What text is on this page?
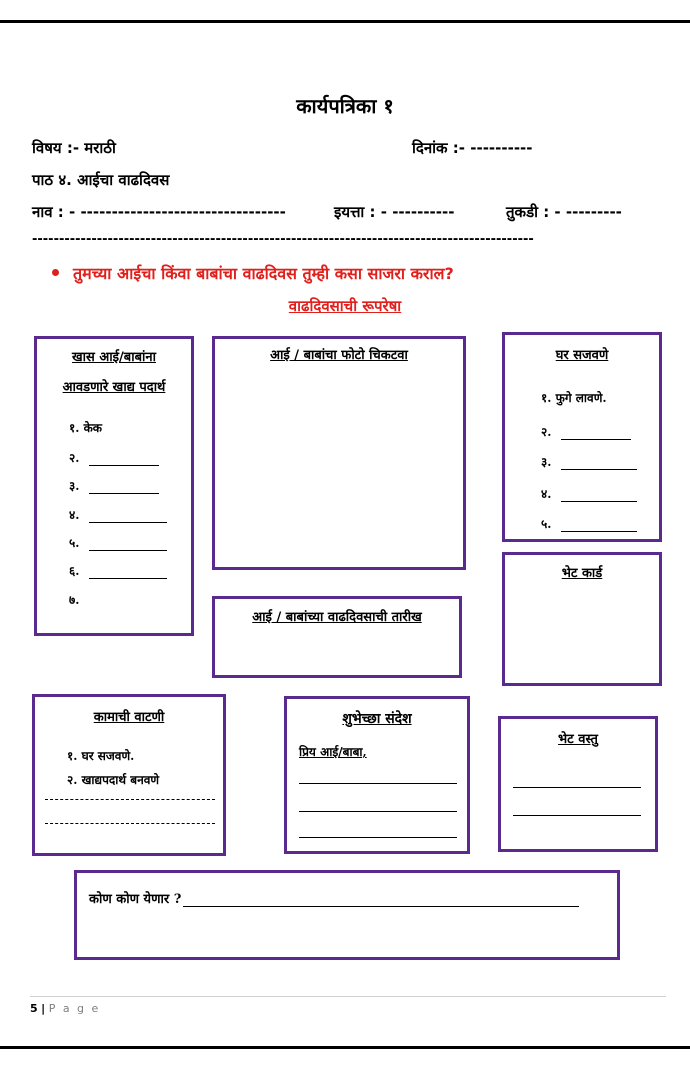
कार्यपत्रिका १
विषय :- मराठी	दिनांक :- ----------
पाठ ४. आईचा वाढदिवस
नाव : - ---------------------------------	इयत्ता : - ----------	तुकडी : - ---------
---------------------------------------------------------------------------------------------
तुमच्या आईचा किंवा बाबांचा वाढदिवस तुम्ही कसा साजरा कराल?
वाढदिवसाची रूपरेषा
खास आई/बाबांना
आवडणारे खाद्य पदार्थ
१. केक
२.
३.
४.
५.
६.
७.
आई / बाबांचा फोटो चिकटवा	घर सजवणे
१. फुगे लावणे.
२.
३.
४.
५.
भेट कार्ड
आई / बाबांच्या वाढदिवसाची तारीख
कामाची वाटणी
१. घर सजवणे.
२. खाद्यपदार्थ बनवणे
शुभेच्छा संदेश
प्रिय आई/बाबा,
भेट वस्तु
कोण कोण येणार ?
5 | P a g e
